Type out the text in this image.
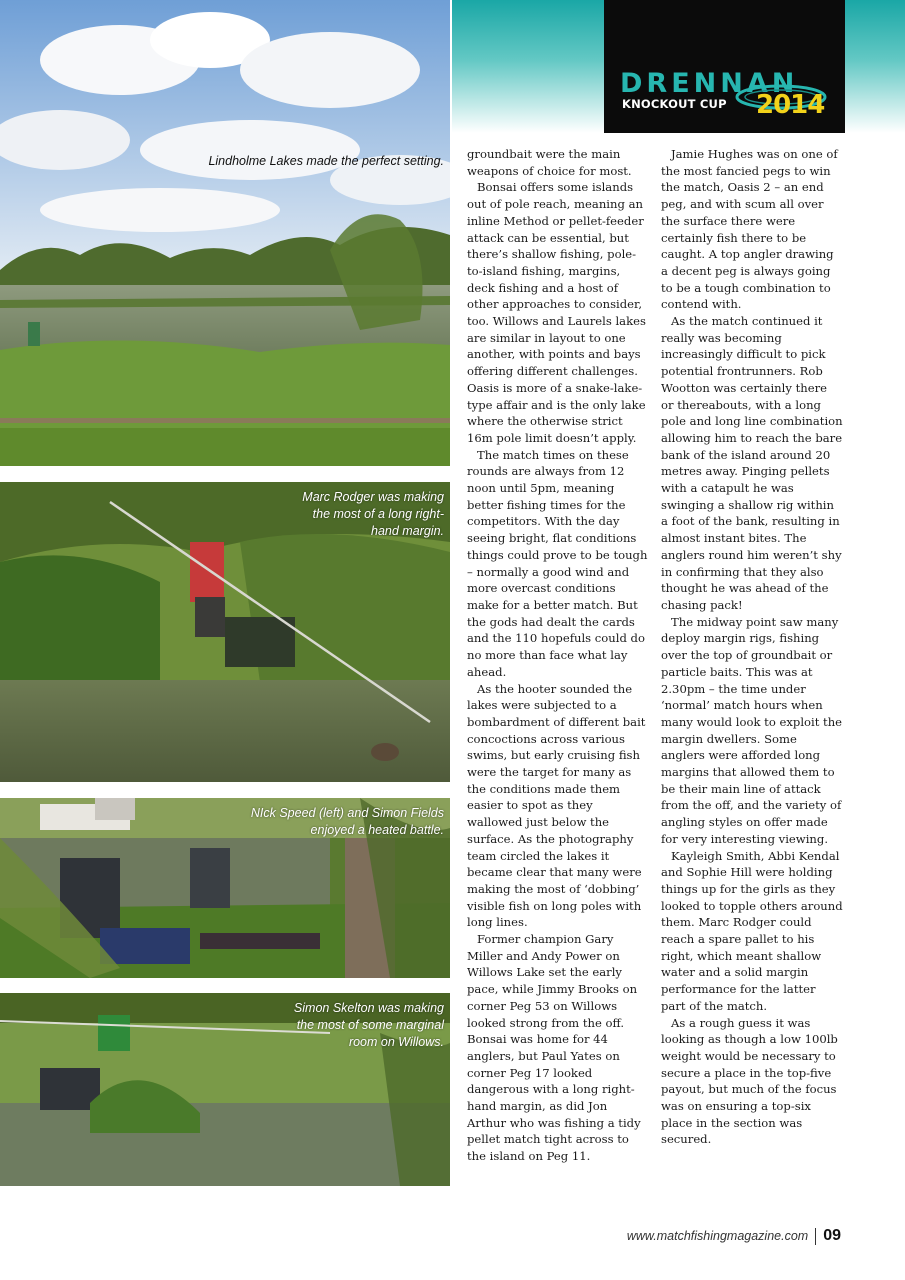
DRENNAN
KNOCKOUT CUP 2014
Lindholme Lakes made the perfect setting.
Marc Rodger was making the most of a long right-hand margin.
NIck Speed (left) and Simon Fields enjoyed a heated battle.
Simon Skelton was making the most of some marginal room on Willows.

groundbait were the main weapons of choice for most.

Bonsai offers some islands out of pole reach, meaning an inline Method or pellet-feeder attack can be essential, but there’s shallow fishing, pole-to-island fishing, margins, deck fishing and a host of other approaches to consider, too. Willows and Laurels lakes are similar in layout to one another, with points and bays offering different challenges. Oasis is more of a snake-lake-type affair and is the only lake where the otherwise strict 16m pole limit doesn’t apply.

The match times on these rounds are always from 12 noon until 5pm, meaning better fishing times for the competitors. With the day seeing bright, flat conditions things could prove to be tough – normally a good wind and more overcast conditions make for a better match. But the gods had dealt the cards and the 110 hopefuls could do no more than face what lay ahead.

As the hooter sounded the lakes were subjected to a bombardment of different bait concoctions across various swims, but early cruising fish were the target for many as the conditions made them easier to spot as they wallowed just below the surface. As the photography team circled the lakes it became clear that many were making the most of ‘dobbing’ visible fish on long poles with long lines.

Former champion Gary Miller and Andy Power on Willows Lake set the early pace, while Jimmy Brooks on corner Peg 53 on Willows looked strong from the off. Bonsai was home for 44 anglers, but Paul Yates on corner Peg 17 looked dangerous with a long right-hand margin, as did Jon Arthur who was fishing a tidy pellet match tight across to the island on Peg 11.

Jamie Hughes was on one of the most fancied pegs to win the match, Oasis 2 – an end peg, and with scum all over the surface there were certainly fish there to be caught. A top angler drawing a decent peg is always going to be a tough combination to contend with.

As the match continued it really was becoming increasingly difficult to pick potential frontrunners. Rob Wootton was certainly there or thereabouts, with a long pole and long line combination allowing him to reach the bare bank of the island around 20 metres away. Pinging pellets with a catapult he was swinging a shallow rig within a foot of the bank, resulting in almost instant bites. The anglers round him weren’t shy in confirming that they also thought he was ahead of the chasing pack!

The midway point saw many deploy margin rigs, fishing over the top of groundbait or particle baits. This was at 2.30pm – the time under ‘normal’ match hours when many would look to exploit the margin dwellers. Some anglers were afforded long margins that allowed them to be their main line of attack from the off, and the variety of angling styles on offer made for very interesting viewing.

Kayleigh Smith, Abbi Kendal and Sophie Hill were holding things up for the girls as they looked to topple others around them. Marc Rodger could reach a spare pallet to his right, which meant shallow water and a solid margin performance for the latter part of the match.

As a rough guess it was looking as though a low 100lb weight would be necessary to secure a place in the top-five payout, but much of the focus was on ensuring a top-six place in the section was secured.

www.matchfishingmagazine.com 09
